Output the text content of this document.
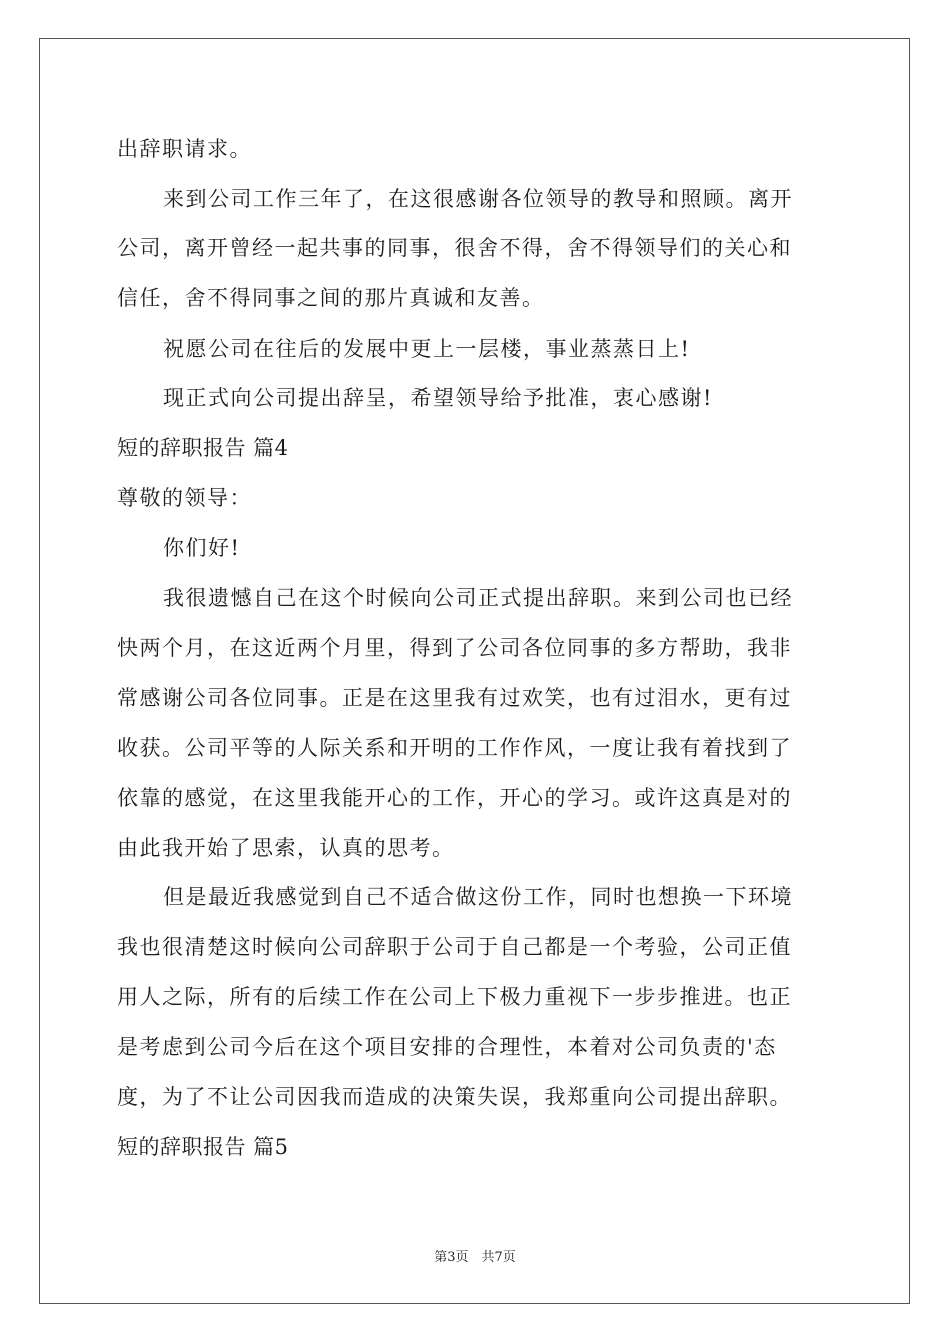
出辞职请求。
来到公司工作三年了，在这很感谢各位领导的教导和照顾。离开
公司，离开曾经一起共事的同事，很舍不得，舍不得领导们的关心和
信任，舍不得同事之间的那片真诚和友善。
祝愿公司在往后的发展中更上一层楼，事业蒸蒸日上!
现正式向公司提出辞呈，希望领导给予批准，衷心感谢!
短的辞职报告 篇4
尊敬的领导：
你们好!
我很遗憾自己在这个时候向公司正式提出辞职。来到公司也已经
快两个月，在这近两个月里，得到了公司各位同事的多方帮助，我非
常感谢公司各位同事。正是在这里我有过欢笑，也有过泪水，更有过
收获。公司平等的人际关系和开明的工作作风，一度让我有着找到了
依靠的感觉，在这里我能开心的工作，开心的学习。或许这真是对的
由此我开始了思索，认真的思考。
但是最近我感觉到自己不适合做这份工作，同时也想换一下环境
我也很清楚这时候向公司辞职于公司于自己都是一个考验，公司正值
用人之际，所有的后续工作在公司上下极力重视下一步步推进。也正
是考虑到公司今后在这个项目安排的合理性，本着对公司负责的'态
度，为了不让公司因我而造成的决策失误，我郑重向公司提出辞职。
短的辞职报告 篇5
第3页　共7页
